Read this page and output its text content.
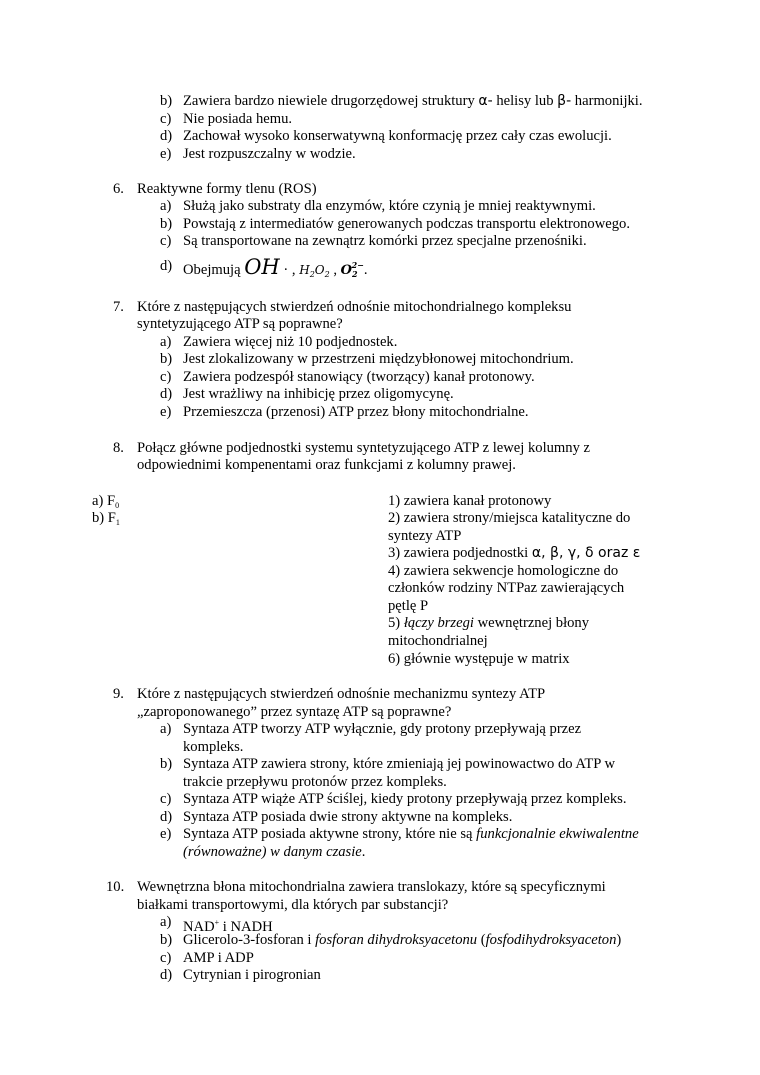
b) Zawiera bardzo niewiele drugorzędowej struktury α- helisy lub β- harmonijki.
c) Nie posiada hemu.
d) Zachował wysoko konserwatywną konformację przez cały czas ewolucji.
e) Jest rozpuszczalny w wodzie.
6. Reaktywne formy tlenu (ROS)
a) Służą jako substraty dla enzymów, które czynią je mniej reaktywnymi.
b) Powstają z intermediatów generowanych podczas transportu elektronowego.
c) Są transportowane na zewnątrz komórki przez specjalne przenośniki.
d) Obejmują OH · , $H_2O_2$ , $O_2^{2-}$.
7. Które z następujących stwierdzeń odnośnie mitochondrialnego kompleksu
syntetyzującego ATP są poprawne?
a) Zawiera więcej niż 10 podjednostek.
b) Jest zlokalizowany w przestrzeni międzybłonowej mitochondrium.
c) Zawiera podzespół stanowiący (tworzący) kanał protonowy.
d) Jest wrażliwy na inhibicję przez oligomycynę.
e) Przemieszcza (przenosi) ATP przez błony mitochondrialne.
8. Połącz główne podjednostki systemu syntetyzującego ATP z lewej kolumny z
odpowiednimi kompenentami oraz funkcjami z kolumny prawej.
a) $F_0$
b) $F_1$
1) zawiera kanał protonowy
2) zawiera strony/miejsca katalityczne do
syntezy ATP
3) zawiera podjednostki α, β, γ, δ oraz ε
4) zawiera sekwencje homologiczne do
członków rodziny NTPaz zawierających
pętlę P
5) łączy brzegi wewnętrznej błony
mitochondrialnej
6) głównie występuje w matrix
9. Które z następujących stwierdzeń odnośnie mechanizmu syntezy ATP
„zaproponowanego” przez syntazę ATP są poprawne?
a) Syntaza ATP tworzy ATP wyłącznie, gdy protony przepływają przez
kompleks.
b) Syntaza ATP zawiera strony, które zmieniają jej powinowactwo do ATP w
trakcie przepływu protonów przez kompleks.
c) Syntaza ATP wiąże ATP ściślej, kiedy protony przepływają przez kompleks.
d) Syntaza ATP posiada dwie strony aktywne na kompleks.
e) Syntaza ATP posiada aktywne strony, które nie są funkcjonalnie ekwiwalentne
(równoważne) w danym czasie.
10. Wewnętrzna błona mitochondrialna zawiera translokazy, które są specyficznymi
białkami transportowymi, dla których par substancji?
a) NAD+ i NADH
b) Glicerolo-3-fosforan i fosforan dihydroksyacetonu (fosfodihydroksyaceton)
c) AMP i ADP
d) Cytrynian i pirogronian
